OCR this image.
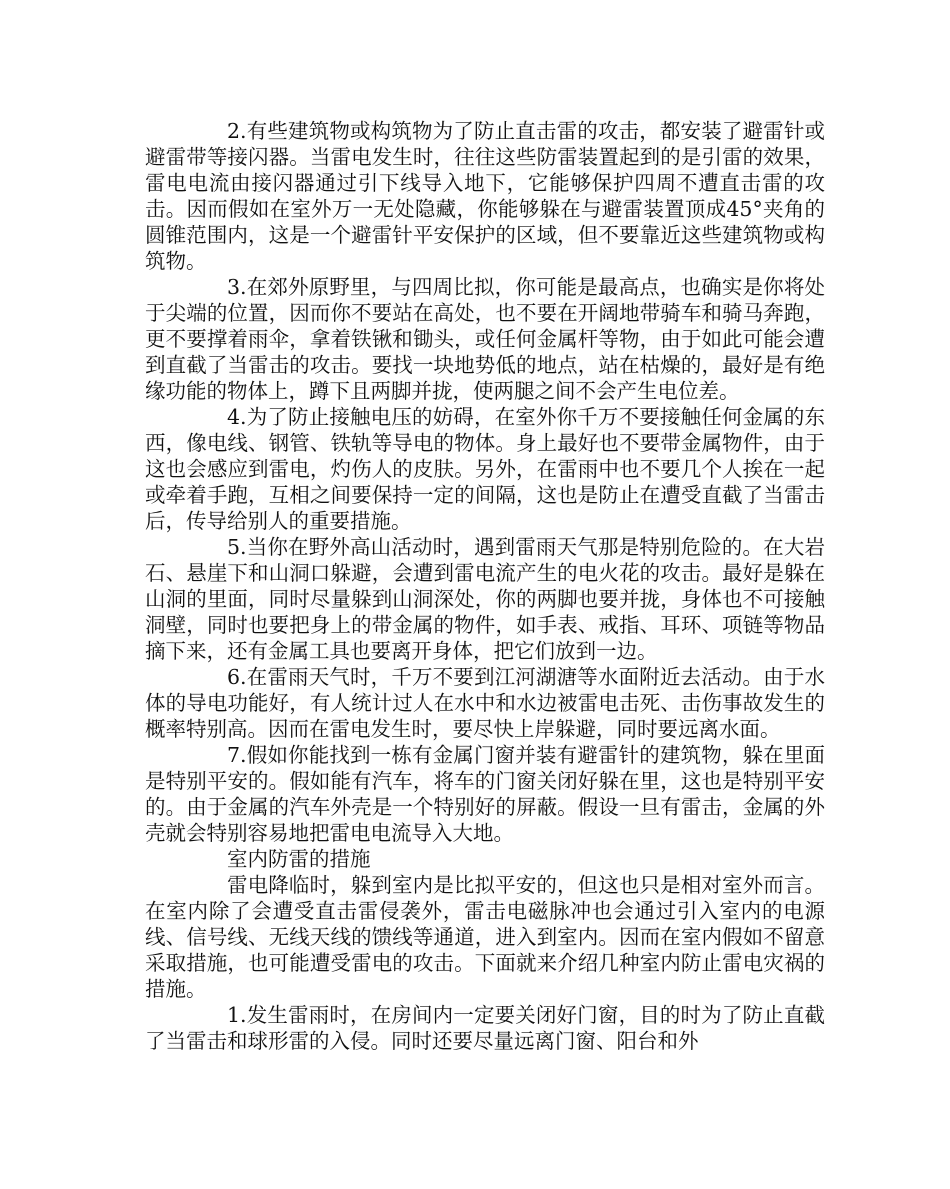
2.有些建筑物或构筑物为了防止直击雷的攻击，都安装了避雷针或避雷带等接闪器。当雷电发生时，往往这些防雷装置起到的是引雷的效果，雷电电流由接闪器通过引下线导入地下，它能够保护四周不遭直击雷的攻击。因而假如在室外万一无处隐藏，你能够躲在与避雷装置顶成45°夹角的圆锥范围内，这是一个避雷针平安保护的区域，但不要靠近这些建筑物或构筑物。

3.在郊外原野里，与四周比拟，你可能是最高点，也确实是你将处于尖端的位置，因而你不要站在高处，也不要在开阔地带骑车和骑马奔跑，更不要撑着雨伞，拿着铁锹和锄头，或任何金属杆等物，由于如此可能会遭到直截了当雷击的攻击。要找一块地势低的地点，站在枯燥的，最好是有绝缘功能的物体上，蹲下且两脚并拢，使两腿之间不会产生电位差。

4.为了防止接触电压的妨碍，在室外你千万不要接触任何金属的东西，像电线、钢管、铁轨等导电的物体。身上最好也不要带金属物件，由于这也会感应到雷电，灼伤人的皮肤。另外，在雷雨中也不要几个人挨在一起或牵着手跑，互相之间要保持一定的间隔，这也是防止在遭受直截了当雷击后，传导给别人的重要措施。

5.当你在野外高山活动时，遇到雷雨天气那是特别危险的。在大岩石、悬崖下和山洞口躲避，会遭到雷电流产生的电火花的攻击。最好是躲在山洞的里面，同时尽量躲到山洞深处，你的两脚也要并拢，身体也不可接触洞壁，同时也要把身上的带金属的物件，如手表、戒指、耳环、项链等物品摘下来，还有金属工具也要离开身体，把它们放到一边。

6.在雷雨天气时，千万不要到江河湖溏等水面附近去活动。由于水体的导电功能好，有人统计过人在水中和水边被雷电击死、击伤事故发生的概率特别高。因而在雷电发生时，要尽快上岸躲避，同时要远离水面。

7.假如你能找到一栋有金属门窗并装有避雷针的建筑物，躲在里面是特别平安的。假如能有汽车，将车的门窗关闭好躲在里，这也是特别平安的。由于金属的汽车外壳是一个特别好的屏蔽。假设一旦有雷击，金属的外壳就会特别容易地把雷电电流导入大地。

室内防雷的措施

雷电降临时，躲到室内是比拟平安的，但这也只是相对室外而言。在室内除了会遭受直击雷侵袭外，雷击电磁脉冲也会通过引入室内的电源线、信号线、无线天线的馈线等通道，进入到室内。因而在室内假如不留意采取措施，也可能遭受雷电的攻击。下面就来介绍几种室内防止雷电灾祸的措施。

1.发生雷雨时，在房间内一定要关闭好门窗，目的时为了防止直截了当雷击和球形雷的入侵。同时还要尽量远离门窗、阳台和外
